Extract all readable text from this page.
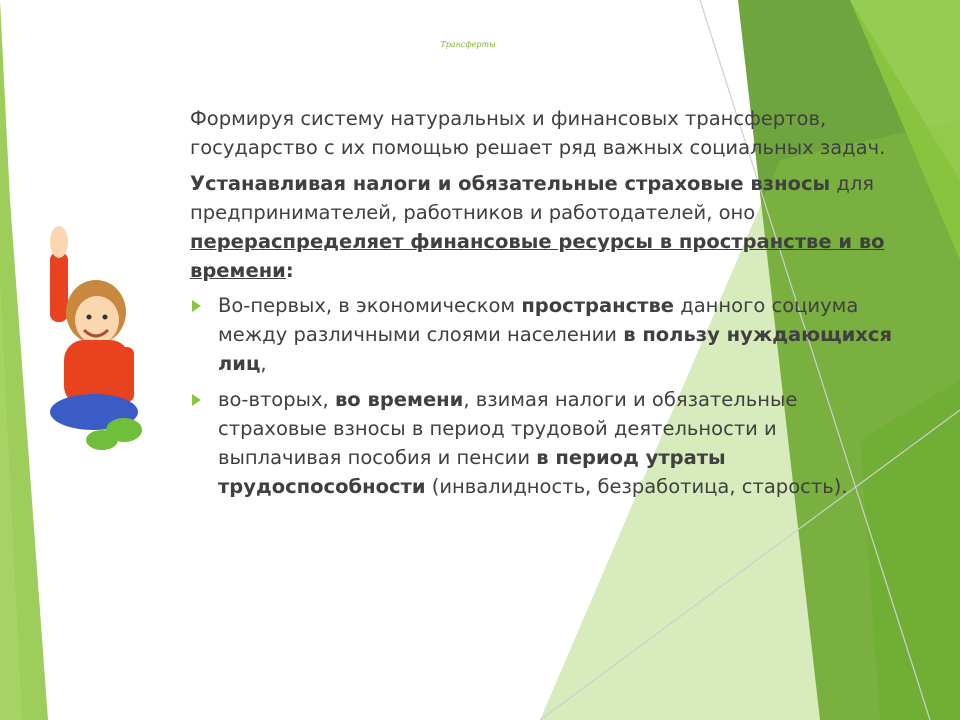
Трансферты

Формируя систему натуральных и финансовых трансфертов, государство с их помощью решает ряд важных социальных задач.

Устанавливая налоги и обязательные страховые взносы для предпринимателей, работников и работодателей, оно перераспределяет финансовые ресурсы в пространстве и во времени:

Во-первых, в экономическом пространстве данного социума между различными слоями населении в пользу нуждающихся лиц,
во-вторых, во времени, взимая налоги и обязательные страховые взносы в период трудовой деятельности и выплачивая пособия и пенсии в период утраты трудоспособности (инвалидность, безработица, старость).
